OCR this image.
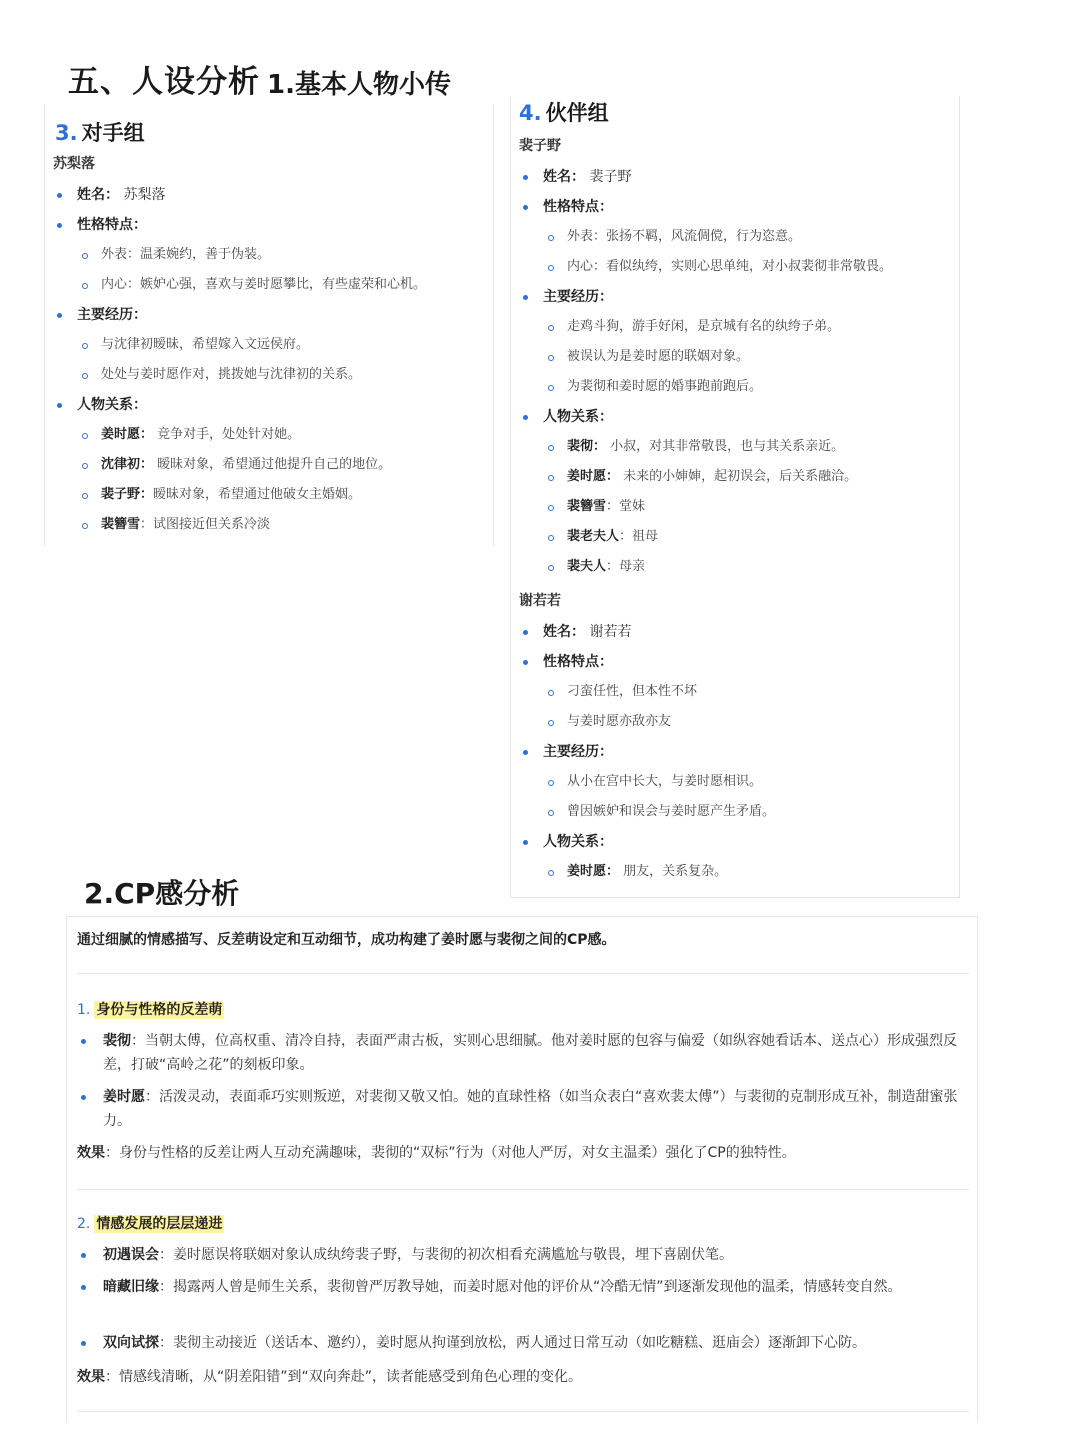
五、人设分析 1.基本人物小传
3. 对手组
苏梨落
姓名： 苏梨落
性格特点：
外表：温柔婉约，善于伪装。
内心：嫉妒心强，喜欢与姜时愿攀比，有些虚荣和心机。
主要经历：
与沈律初暧昧，希望嫁入文远侯府。
处处与姜时愿作对，挑拨她与沈律初的关系。
人物关系：
姜时愿： 竞争对手，处处针对她。
沈律初： 暧昧对象，希望通过他提升自己的地位。
裴子野：暧昧对象，希望通过他破女主婚姻。
裴簪雪：试图接近但关系冷淡
4. 伙伴组
裴子野
姓名： 裴子野
性格特点：
外表：张扬不羁，风流倜傥，行为恣意。
内心：看似纨绔，实则心思单纯，对小叔裴彻非常敬畏。
主要经历：
走鸡斗狗，游手好闲，是京城有名的纨绔子弟。
被误认为是姜时愿的联姻对象。
为裴彻和姜时愿的婚事跑前跑后。
人物关系：
裴彻： 小叔，对其非常敬畏，也与其关系亲近。
姜时愿： 未来的小婶婶，起初误会，后关系融洽。
裴簪雪：堂妹
裴老夫人：祖母
裴夫人：母亲
谢若若
姓名： 谢若若
性格特点：
刁蛮任性，但本性不坏
与姜时愿亦敌亦友
主要经历：
从小在宫中长大，与姜时愿相识。
曾因嫉妒和误会与姜时愿产生矛盾。
人物关系：
姜时愿： 朋友，关系复杂。
2.CP感分析
通过细腻的情感描写、反差萌设定和互动细节，成功构建了姜时愿与裴彻之间的CP感。
1. 身份与性格的反差萌
裴彻：当朝太傅，位高权重、清冷自持，表面严肃古板，实则心思细腻。他对姜时愿的包容与偏爱（如纵容她看话本、送点心）形成强烈反差，打破“高岭之花”的刻板印象。
姜时愿：活泼灵动，表面乖巧实则叛逆，对裴彻又敬又怕。她的直球性格（如当众表白“喜欢裴太傅”）与裴彻的克制形成互补，制造甜蜜张力。
效果：身份与性格的反差让两人互动充满趣味，裴彻的“双标”行为（对他人严厉，对女主温柔）强化了CP的独特性。
2. 情感发展的层层递进
初遇误会：姜时愿误将联姻对象认成纨绔裴子野，与裴彻的初次相看充满尴尬与敬畏，埋下喜剧伏笔。
暗藏旧缘：揭露两人曾是师生关系，裴彻曾严厉教导她，而姜时愿对他的评价从“冷酷无情”到逐渐发现他的温柔，情感转变自然。
双向试探：裴彻主动接近（送话本、邀约），姜时愿从拘谨到放松，两人通过日常互动（如吃糖糕、逛庙会）逐渐卸下心防。
效果：情感线清晰，从“阴差阳错”到“双向奔赴”，读者能感受到角色心理的变化。
